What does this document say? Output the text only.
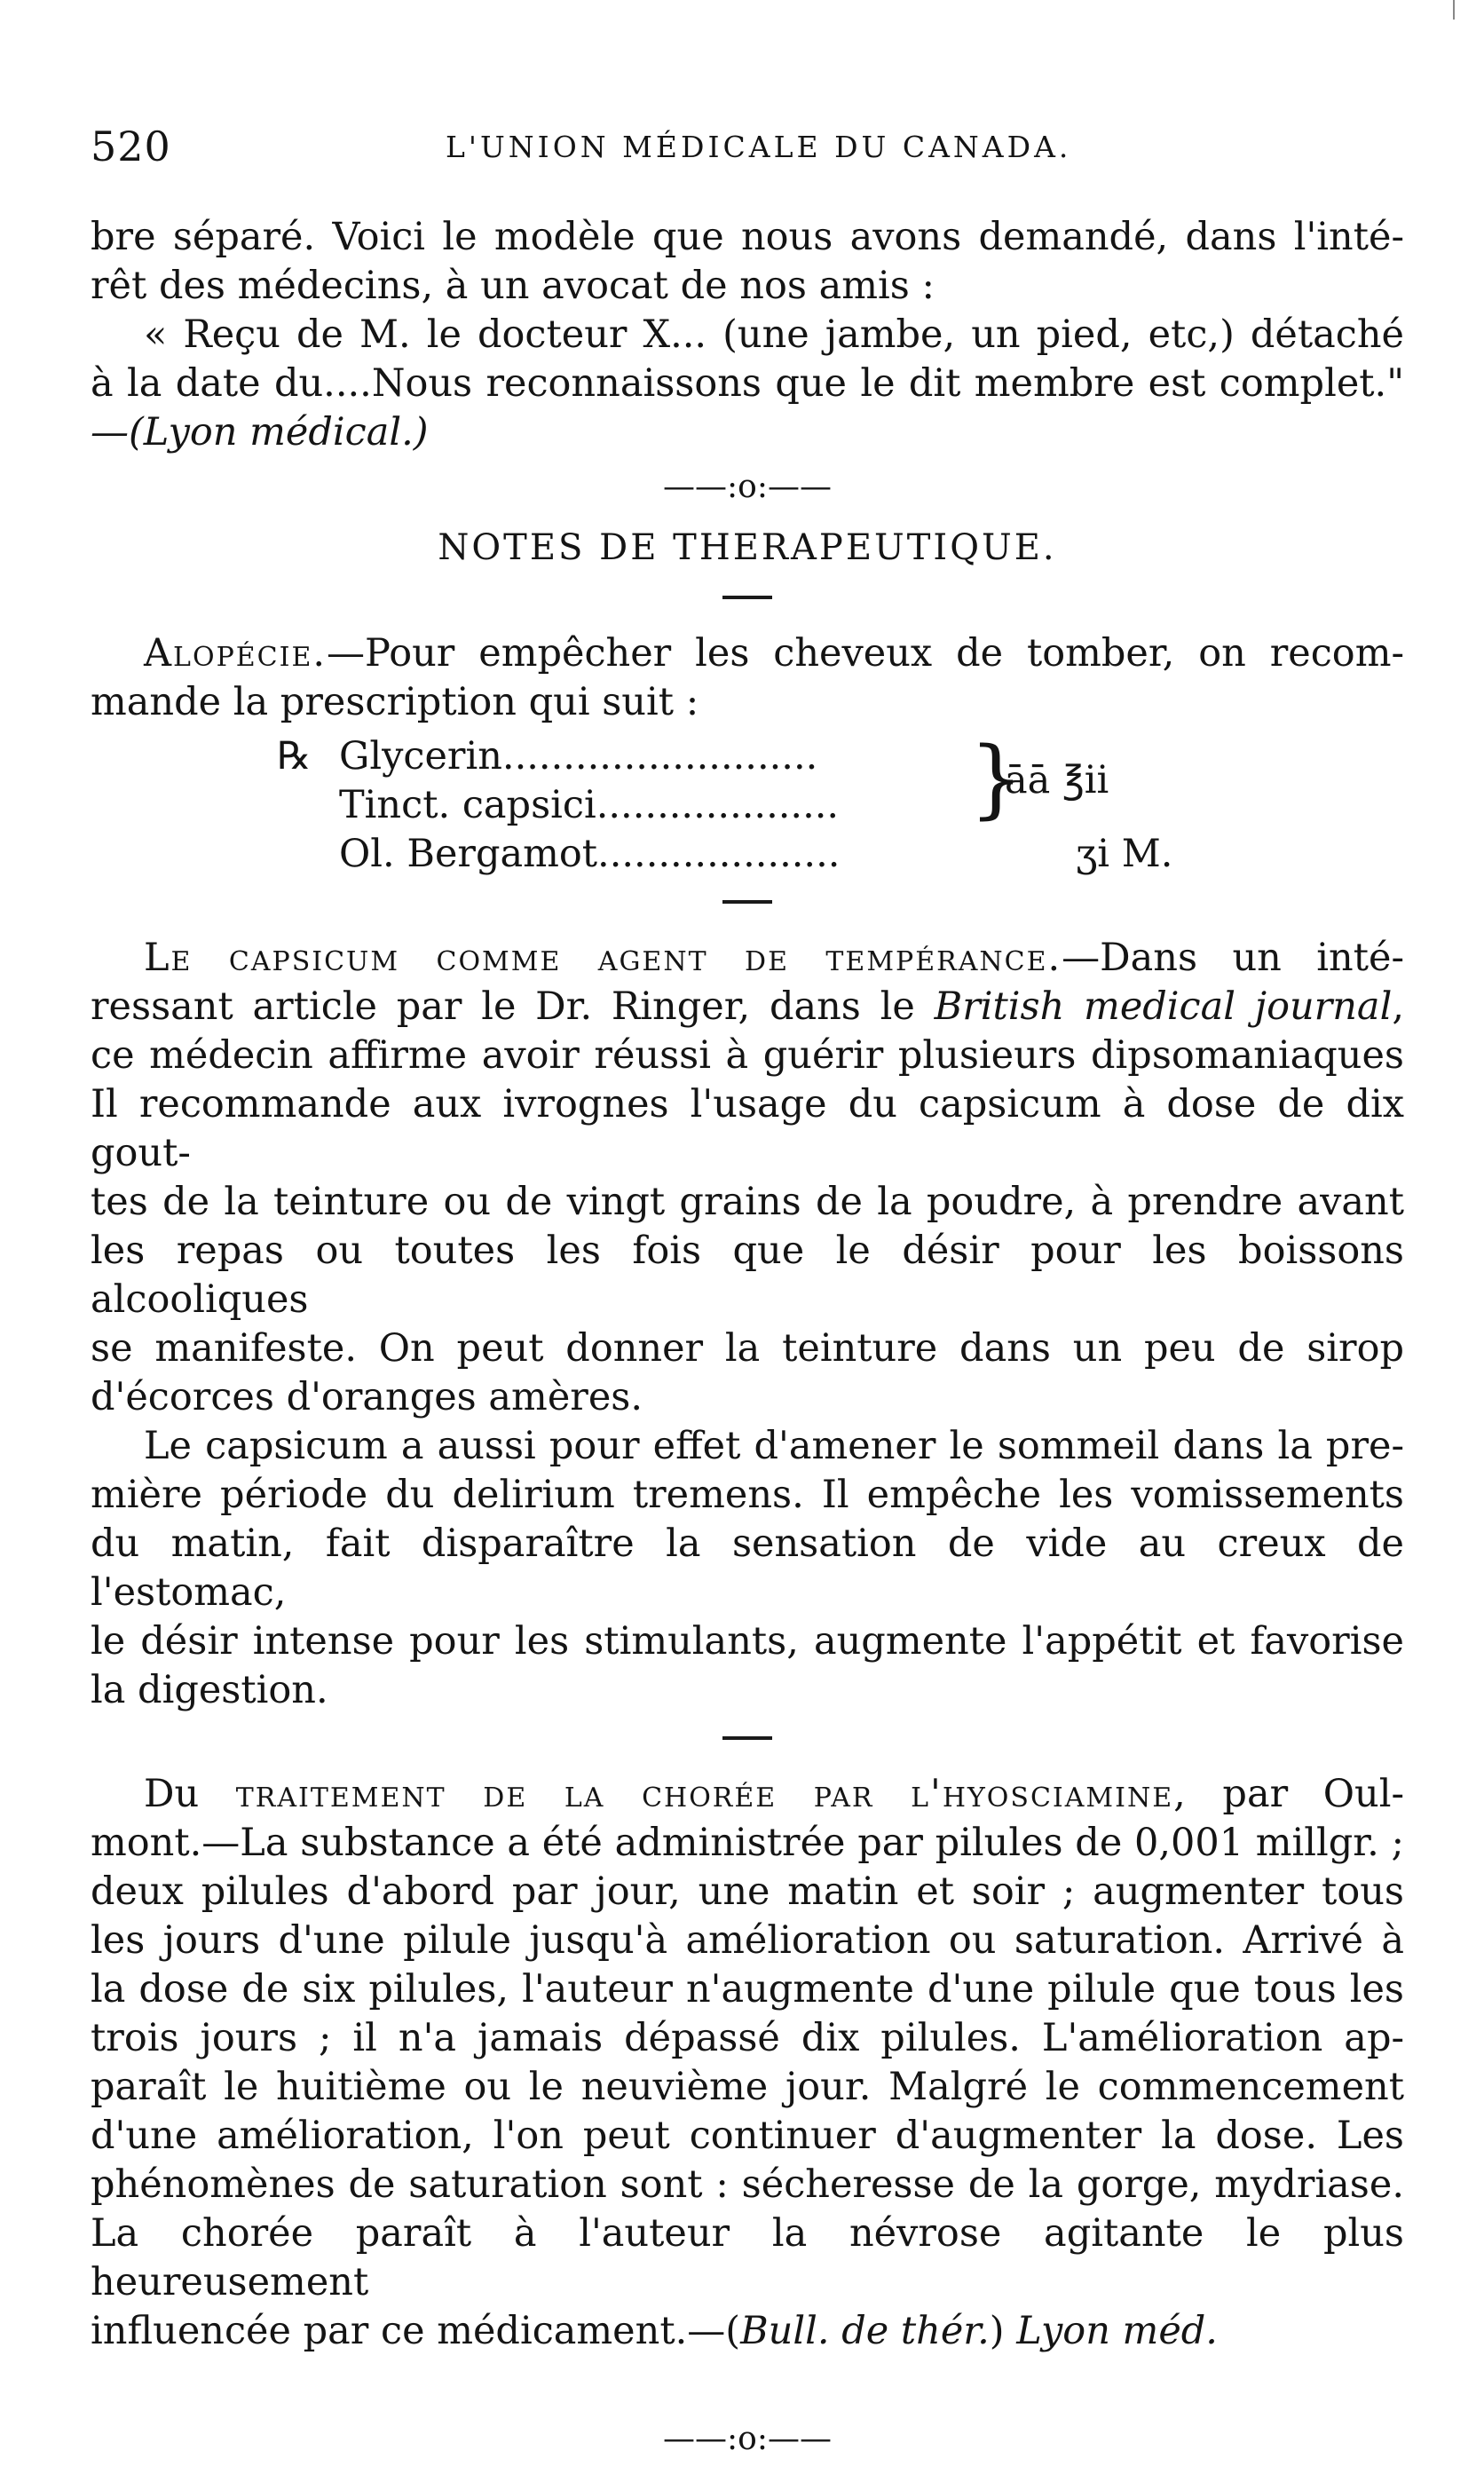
520	L'UNION MÉDICALE DU CANADA.

bre séparé. Voici le modèle que nous avons demandé, dans l'inté-

rêt des médecins, à un avocat de nos amis :

« Reçu de M. le docteur X... (une jambe, un pied, etc,) détaché

à la date du....Nous reconnaissons que le dit membre est complet."

—(Lyon médical.)

——:o:——
NOTES DE THERAPEUTIQUE.

Alopécie.—Pour empêcher les cheveux de tomber, on recom-

mande la prescription qui suit :

℞ Glycerin..........................
Tinct. capsici....................
Ol. Bergamot....................
}
āā ℥ii
ʒi M.

Le capsicum comme agent de tempérance.—Dans un inté-

ressant article par le Dr. Ringer, dans le British medical journal,

ce médecin affirme avoir réussi à guérir plusieurs dipsomaniaques

Il recommande aux ivrognes l'usage du capsicum à dose de dix gout-

tes de la teinture ou de vingt grains de la poudre, à prendre avant

les repas ou toutes les fois que le désir pour les boissons alcooliques

se manifeste. On peut donner la teinture dans un peu de sirop

d'écorces d'oranges amères.

Le capsicum a aussi pour effet d'amener le sommeil dans la pre-

mière période du delirium tremens. Il empêche les vomissements

du matin, fait disparaître la sensation de vide au creux de l'estomac,

le désir intense pour les stimulants, augmente l'appétit et favorise

la digestion.

Du traitement de la chorée par l'hyosciamine, par Oul-

mont.—La substance a été administrée par pilules de 0,001 millgr. ;

deux pilules d'abord par jour, une matin et soir ; augmenter tous

les jours d'une pilule jusqu'à amélioration ou saturation. Arrivé à

la dose de six pilules, l'auteur n'augmente d'une pilule que tous les

trois jours ; il n'a jamais dépassé dix pilules. L'amélioration ap-

paraît le huitième ou le neuvième jour. Malgré le commencement

d'une amélioration, l'on peut continuer d'augmenter la dose. Les

phénomènes de saturation sont : sécheresse de la gorge, mydriase.

La chorée paraît à l'auteur la névrose agitante le plus heureusement

influencée par ce médicament.—(Bull. de thér.) Lyon méd.

——:o:——
